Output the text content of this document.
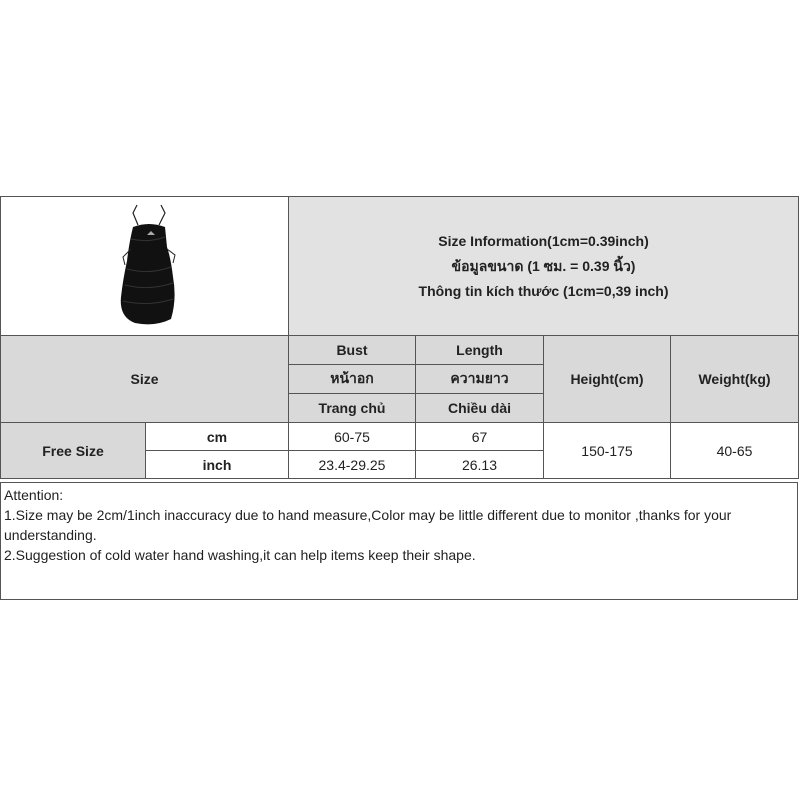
Size Information(1cm=0.39inch)
ข้อมูลขนาด (1 ซม. = 0.39 นิ้ว)
Thông tin kích thước (1cm=0,39 inch)			

Size		Bust	Length	Height(cm)	Weight(kg)
		หน้าอก	ความยาว		
		Trang chủ	Chiều dài		
Free Size	cm	60-75	67	150-175	40-65
	inch	23.4-29.25	26.13		
Attention:
1.Size may be 2cm/1inch inaccuracy due to hand measure,Color may be little different due to monitor ,thanks for your understanding.
2.Suggestion of cold water hand washing,it can help items keep their shape.
